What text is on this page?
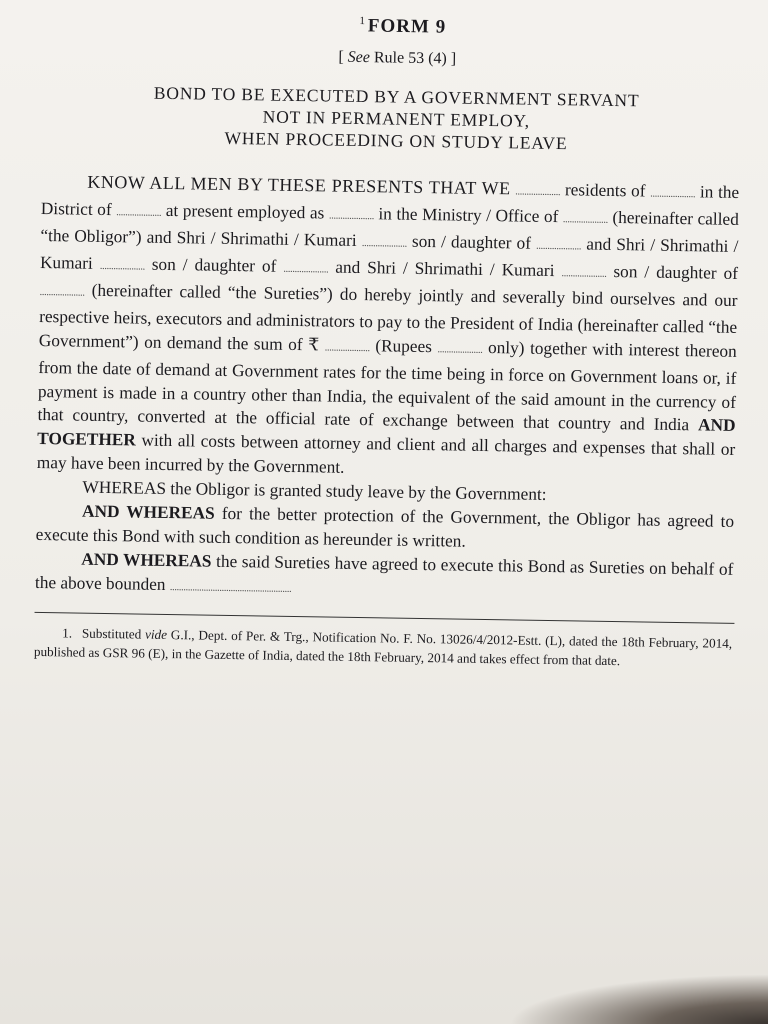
$^1$FORM 9
[ See Rule 53 (4) ]
BOND TO BE EXECUTED BY A GOVERNMENT SERVANT
NOT IN PERMANENT EMPLOY,
WHEN PROCEEDING ON STUDY LEAVE

KNOW ALL MEN BY THESE PRESENTS THAT WE .................... residents of .................... in the District of .................... at present employed as .................... in the Ministry / Office of .................... (hereinafter called “the Obligor”) and Shri / Shrimathi / Kumari .................... son / daughter of .................... and Shri / Shrimathi / Kumari .................... son / daughter of .................... and Shri / Shrimathi / Kumari .................... son / daughter of .................... (hereinafter called “the Sureties”) do hereby jointly and severally bind ourselves and our respective heirs, executors and administrators to pay to the President of India (hereinafter called “the Government”) on demand the sum of ₹ .................... (Rupees .................... only) together with interest thereon from the date of demand at Government rates for the time being in force on Government loans or, if payment is made in a country other than India, the equivalent of the said amount in the currency of that country, converted at the official rate of exchange between that country and India AND TOGETHER with all costs between attorney and client and all charges and expenses that shall or may have been incurred by the Government.

WHEREAS the Obligor is granted study leave by the Government:

AND WHEREAS for the better protection of the Government, the Obligor has agreed to execute this Bond with such condition as hereunder is written.

AND WHEREAS the said Sureties have agreed to execute this Bond as Sureties on behalf of the above bounden ......................................................

1. Substituted vide G.I., Dept. of Per. & Trg., Notification No. F. No. 13026/4/2012-Estt. (L), dated the 18th February, 2014, published as GSR 96 (E), in the Gazette of India, dated the 18th February, 2014 and takes effect from that date.
